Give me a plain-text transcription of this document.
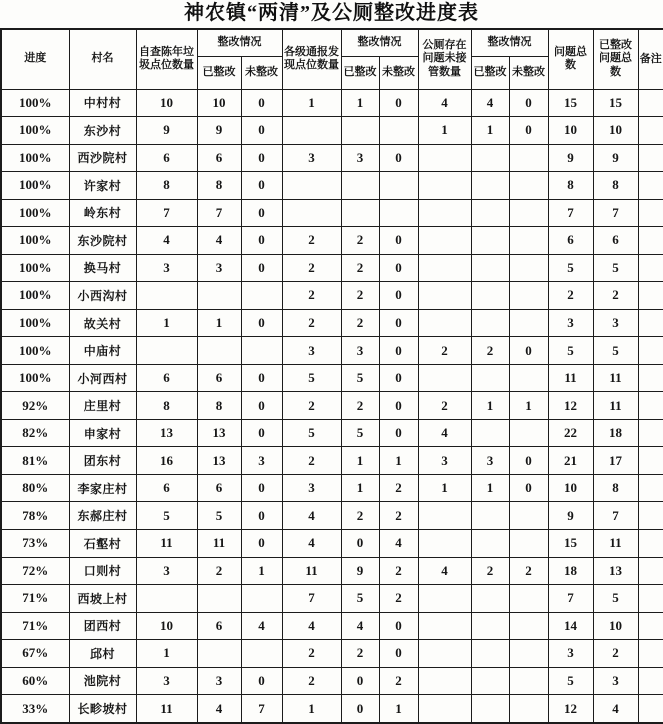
神农镇“两清”及公厕整改进度表
进度	村名	自查陈年垃圾点位数量	整改情况		各级通报发现点位数量	整改情况		公厕存在问题未接管数量	整改情况		问题总数	已整改问题总数	备注
			已整改	未整改		已整改	未整改		已整改	未整改			
100%	中村村	10	10	0	1	1	0	4	4	0	15	15	
100%	东沙村	9	9	0				1	1	0	10	10	
100%	西沙院村	6	6	0	3	3	0				9	9	
100%	许家村	8	8	0							8	8	
100%	岭东村	7	7	0							7	7	
100%	东沙院村	4	4	0	2	2	0				6	6	
100%	换马村	3	3	0	2	2	0				5	5	
100%	小西沟村				2	2	0				2	2	
100%	故关村	1	1	0	2	2	0				3	3	
100%	中庙村				3	3	0	2	2	0	5	5	
100%	小河西村	6	6	0	5	5	0				11	11	
92%	庄里村	8	8	0	2	2	0	2	1	1	12	11	
82%	申家村	13	13	0	5	5	0	4			22	18	
81%	团东村	16	13	3	2	1	1	3	3	0	21	17	
80%	李家庄村	6	6	0	3	1	2	1	1	0	10	8	
78%	东郝庄村	5	5	0	4	2	2				9	7	
73%	石壑村	11	11	0	4	0	4				15	11	
72%	口则村	3	2	1	11	9	2	4	2	2	18	13	
71%	西坡上村				7	5	2				7	5	
71%	团西村	10	6	4	4	4	0				14	10	
67%	邱村	1			2	2	0				3	2	
60%	池院村	3	3	0	2	0	2				5	3	
33%	长畛坡村	11	4	7	1	0	1				12	4	
